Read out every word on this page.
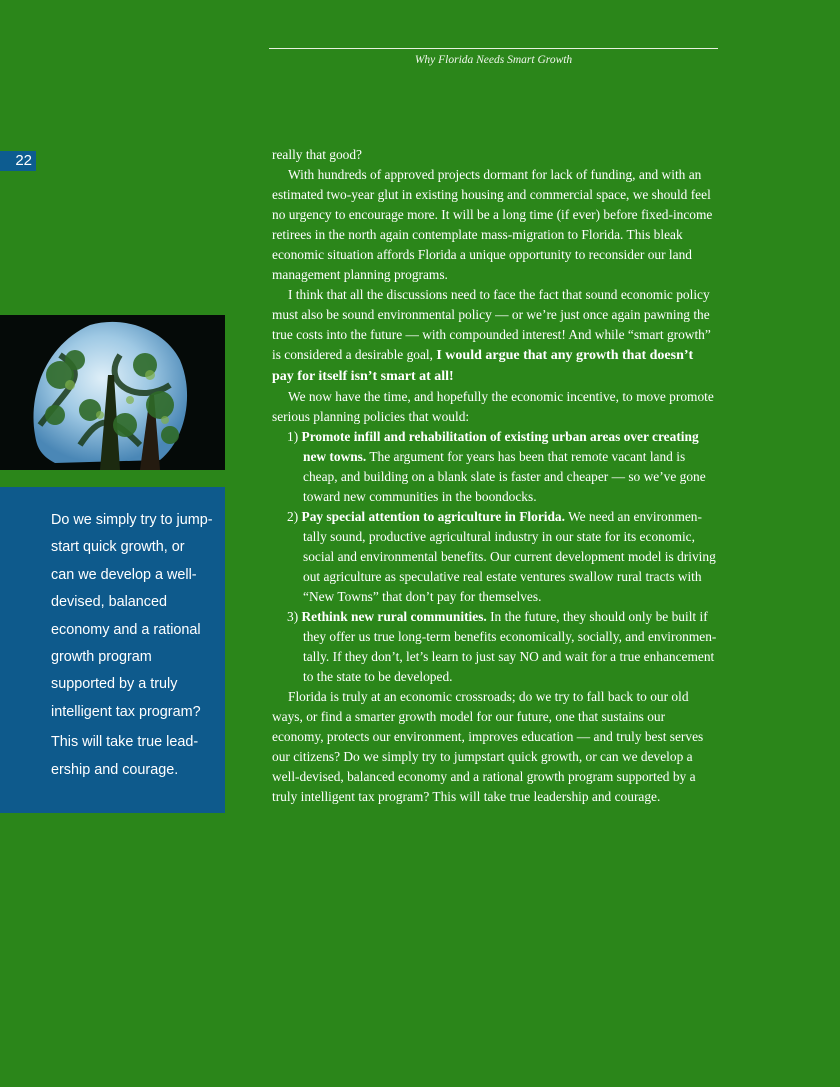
Why Florida Needs Smart Growth
22
Do we simply try to jump-
start quick growth, or
can we develop a well-
devised, balanced
economy and a rational
growth program
supported by a truly
intelligent tax program?
This will take true lead-
ership and courage.

really that good?

With hundreds of approved projects dormant for lack of funding, and with an estimated two-year glut in existing housing and commercial space, we should feel no urgency to encourage more. It will be a long time (if ever) before fixed-income retirees in the north again contemplate mass-migration to Florida. This bleak economic situation affords Florida a unique opportunity to reconsider our land management planning programs.

I think that all the discussions need to face the fact that sound economic policy must also be sound environmental policy — or we’re just once again pawning the true costs into the future — with compounded interest! And while “smart growth” is considered a desirable goal, I would argue that any growth that doesn’t pay for itself isn’t smart at all!

We now have the time, and hopefully the economic incentive, to move promote serious planning policies that would:

1) Promote infill and rehabilitation of existing urban areas over creating new towns. The argument for years has been that remote vacant land is cheap, and building on a blank slate is faster and cheaper — so we’ve gone toward new communities in the boondocks.

2) Pay special attention to agriculture in Florida. We need an environmen-tally sound, productive agricultural industry in our state for its economic, social and environmental benefits. Our current development model is driving out agriculture as speculative real estate ventures swallow rural tracts with “New Towns” that don’t pay for themselves.

3) Rethink new rural communities. In the future, they should only be built if they offer us true long-term benefits economically, socially, and environmen-tally. If they don’t, let’s learn to just say NO and wait for a true enhancement to the state to be developed.

Florida is truly at an economic crossroads; do we try to fall back to our old ways, or find a smarter growth model for our future, one that sustains our economy, protects our environment, improves education — and truly best serves our citizens? Do we simply try to jumpstart quick growth, or can we develop a well-devised, balanced economy and a rational growth program supported by a truly intelligent tax program? This will take true leadership and courage.
